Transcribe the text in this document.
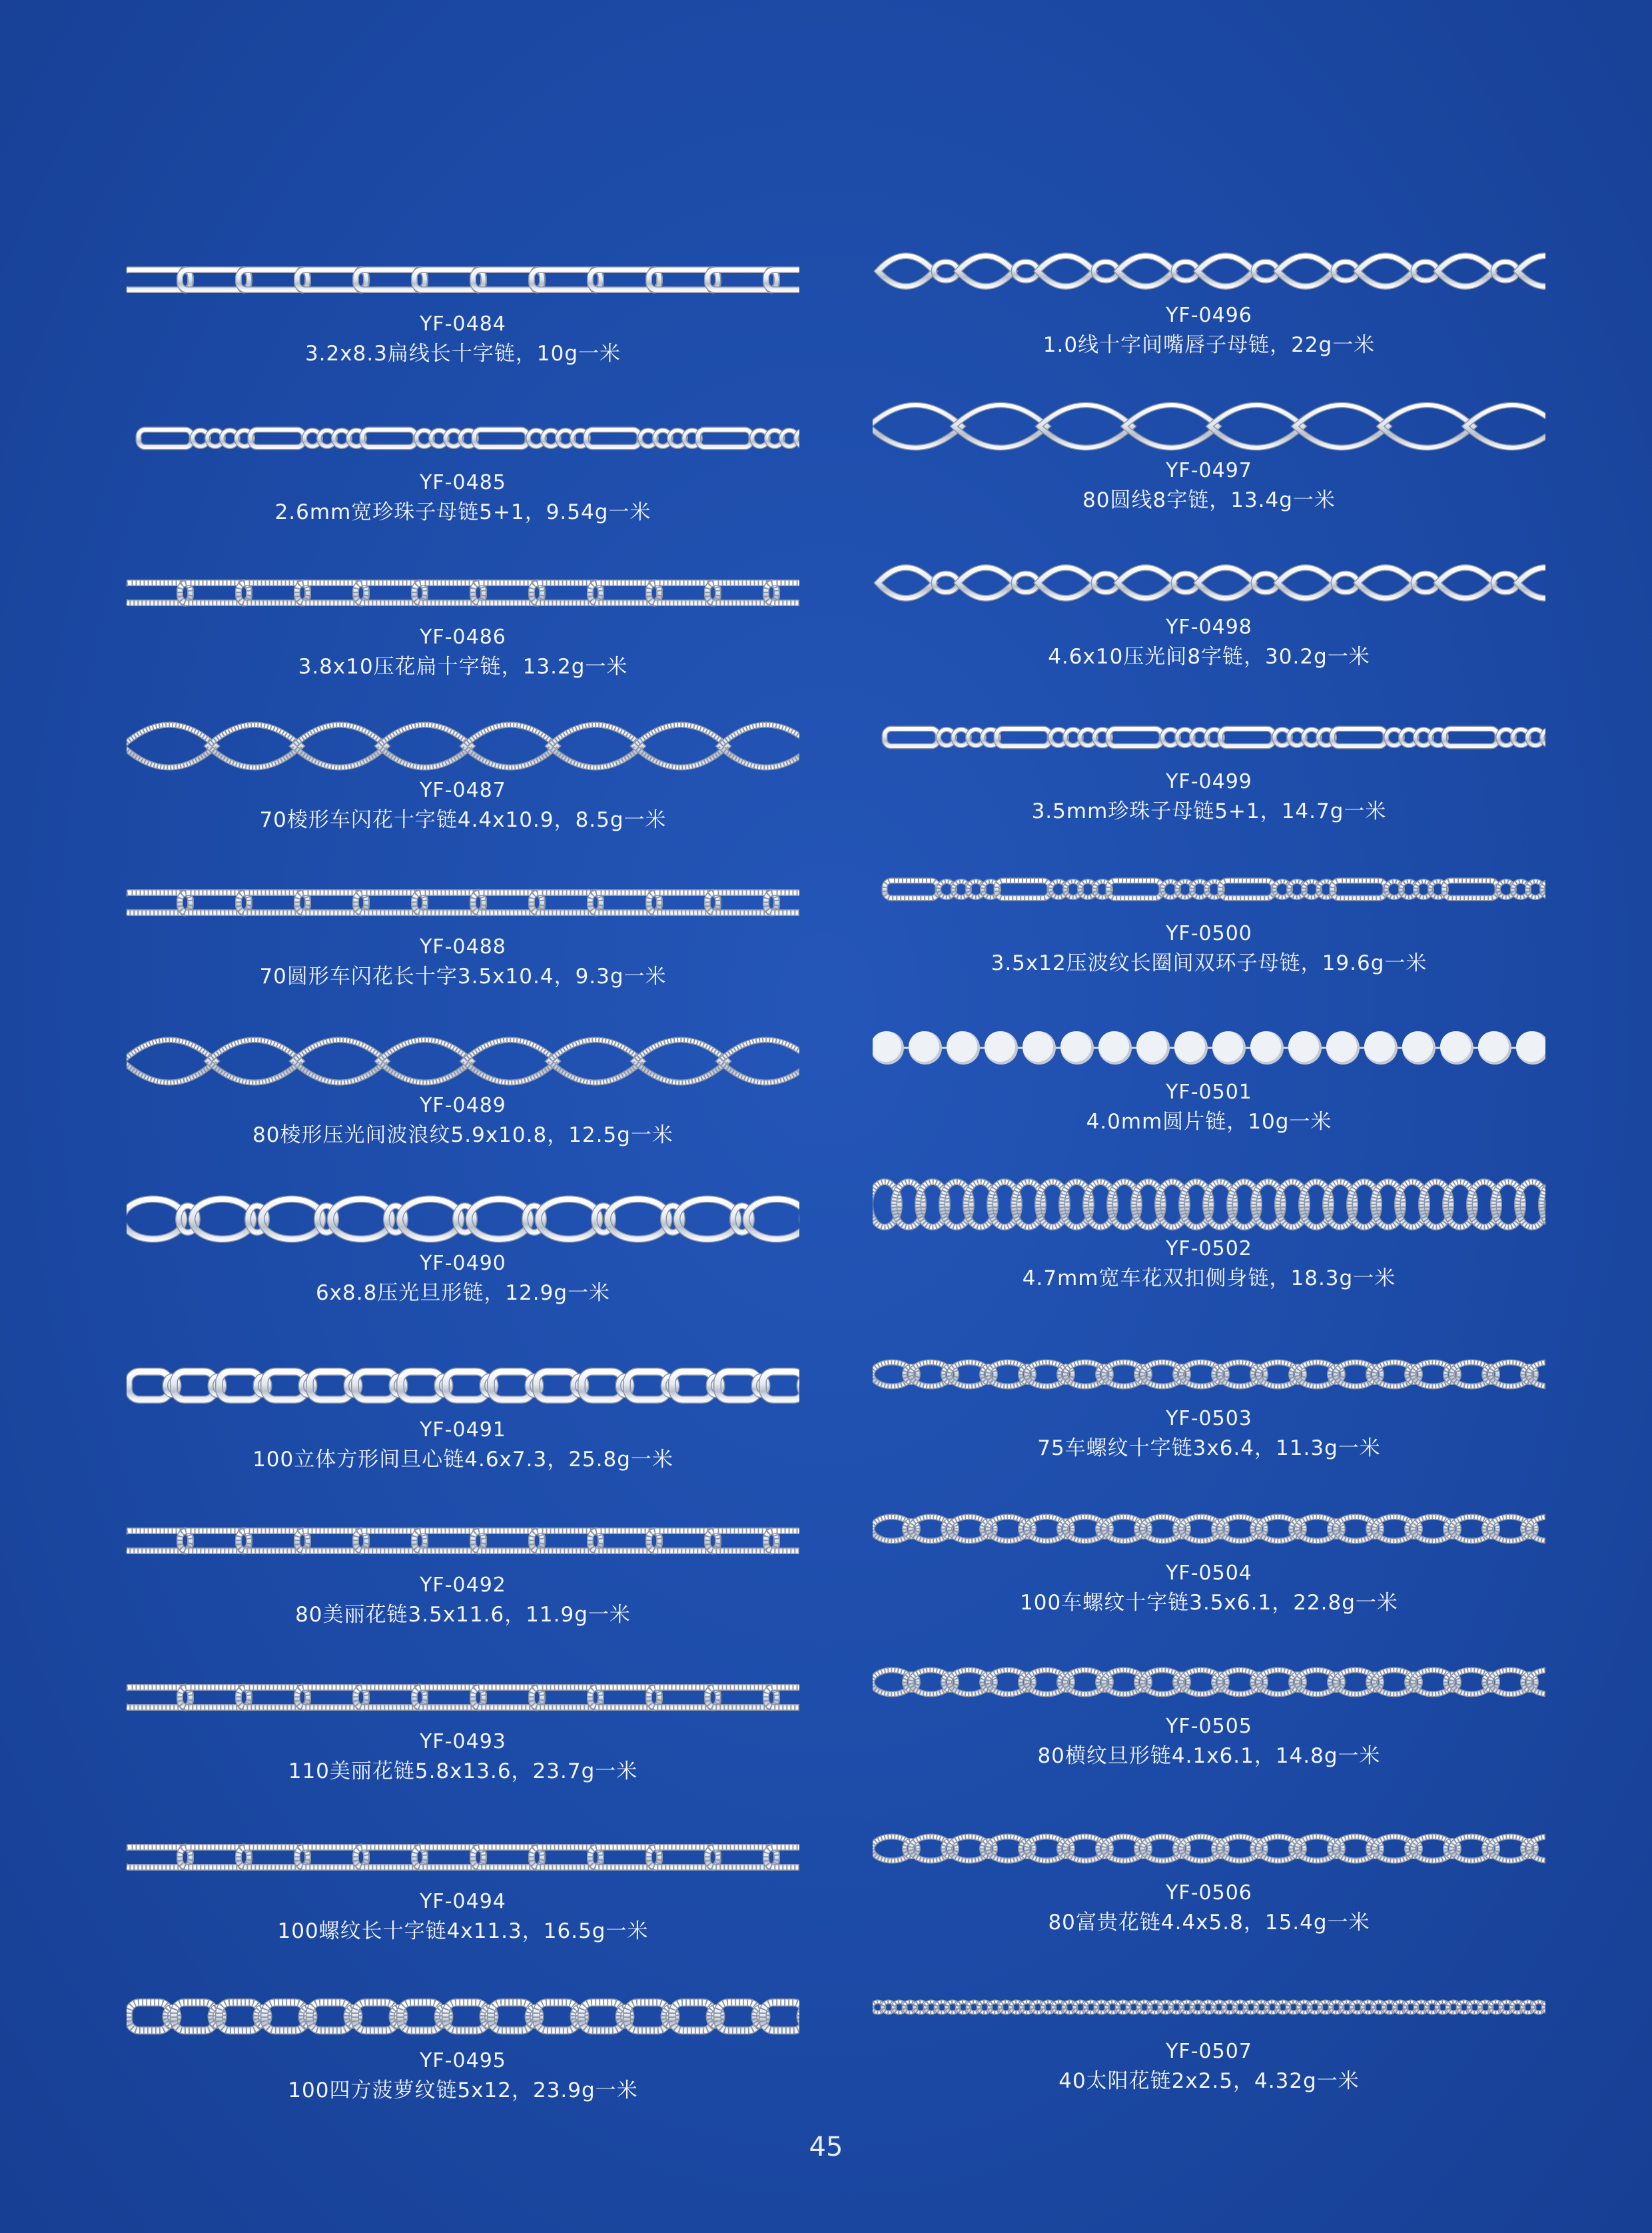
YF-0484
3.2x8.3扁线长十字链，10g一米
YF-0485
2.6mm宽珍珠子母链5+1，9.54g一米
YF-0486
3.8x10压花扁十字链，13.2g一米
YF-0487
70棱形车闪花十字链4.4x10.9，8.5g一米
YF-0488
70圆形车闪花长十字3.5x10.4，9.3g一米
YF-0489
80棱形压光间波浪纹5.9x10.8，12.5g一米
YF-0490
6x8.8压光旦形链，12.9g一米
YF-0491
100立体方形间旦心链4.6x7.3，25.8g一米
YF-0492
80美丽花链3.5x11.6，11.9g一米
YF-0493
110美丽花链5.8x13.6，23.7g一米
YF-0494
100螺纹长十字链4x11.3，16.5g一米
YF-0495
100四方菠萝纹链5x12，23.9g一米
YF-0496
1.0线十字间嘴唇子母链，22g一米
YF-0497
80圆线8字链，13.4g一米
YF-0498
4.6x10压光间8字链，30.2g一米
YF-0499
3.5mm珍珠子母链5+1，14.7g一米
YF-0500
3.5x12压波纹长圈间双环子母链，19.6g一米
YF-0501
4.0mm圆片链，10g一米
YF-0502
4.7mm宽车花双扣侧身链，18.3g一米
YF-0503
75车螺纹十字链3x6.4，11.3g一米
YF-0504
100车螺纹十字链3.5x6.1，22.8g一米
YF-0505
80横纹旦形链4.1x6.1，14.8g一米
YF-0506
80富贵花链4.4x5.8，15.4g一米
YF-0507
40太阳花链2x2.5，4.32g一米
45
